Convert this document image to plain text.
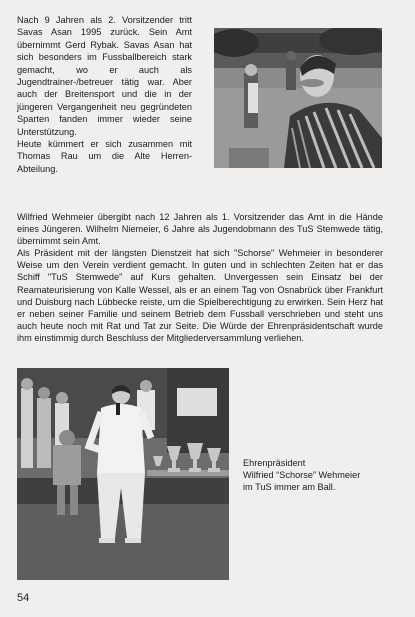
Nach 9 Jahren als 2. Vorsitzender tritt Savas Asan 1995 zurück. Sein Amt übernimmt Gerd Rybak. Savas Asan hat sich besonders im Fussballbereich stark gemacht, wo er auch als Jugendtrainer-/betreuer tätig war. Aber auch der Breitensport und die in der jüngeren Vergangenheit neu gegründeten Sparten fanden immer wieder seine Unterstützung.

Heute kümmert er sich zusammen mit Thomas Rau um die Alte Herren-Abteilung.

Wilfried Wehmeier übergibt nach 12 Jahren als 1. Vorsitzender das Amt in die Hände eines Jüngeren. Wilhelm Niemeier, 6 Jahre als Jugendobmann des TuS Stemwede tätig, übernimmt sein Amt.

Als Präsident mit der längsten Dienstzeit hat sich "Schorse" Wehmeier in besonderer Weise um den Verein verdient gemacht. In guten und in schlechten Zeiten hat er das Schiff "TuS Stemwede" auf Kurs gehalten. Unvergessen sein Einsatz bei der Reamateurisierung von Kalle Wessel, als er an einem Tag von Osnabrück über Frankfurt und Duisburg nach Lübbecke reiste, um die Spielberechtigung zu erwirken. Sein Herz hat er neben seiner Familie und seinem Betrieb dem Fussball verschrieben und steht uns auch heute noch mit Rat und Tat zur Seite. Die Würde der Ehrenpräsidentschaft wurde ihm einstimmig durch Beschluss der Mitgliederversammlung verliehen.

Ehrenpräsident
Wilfried “Schorse” Wehmeier
im TuS immer am Ball.
54
